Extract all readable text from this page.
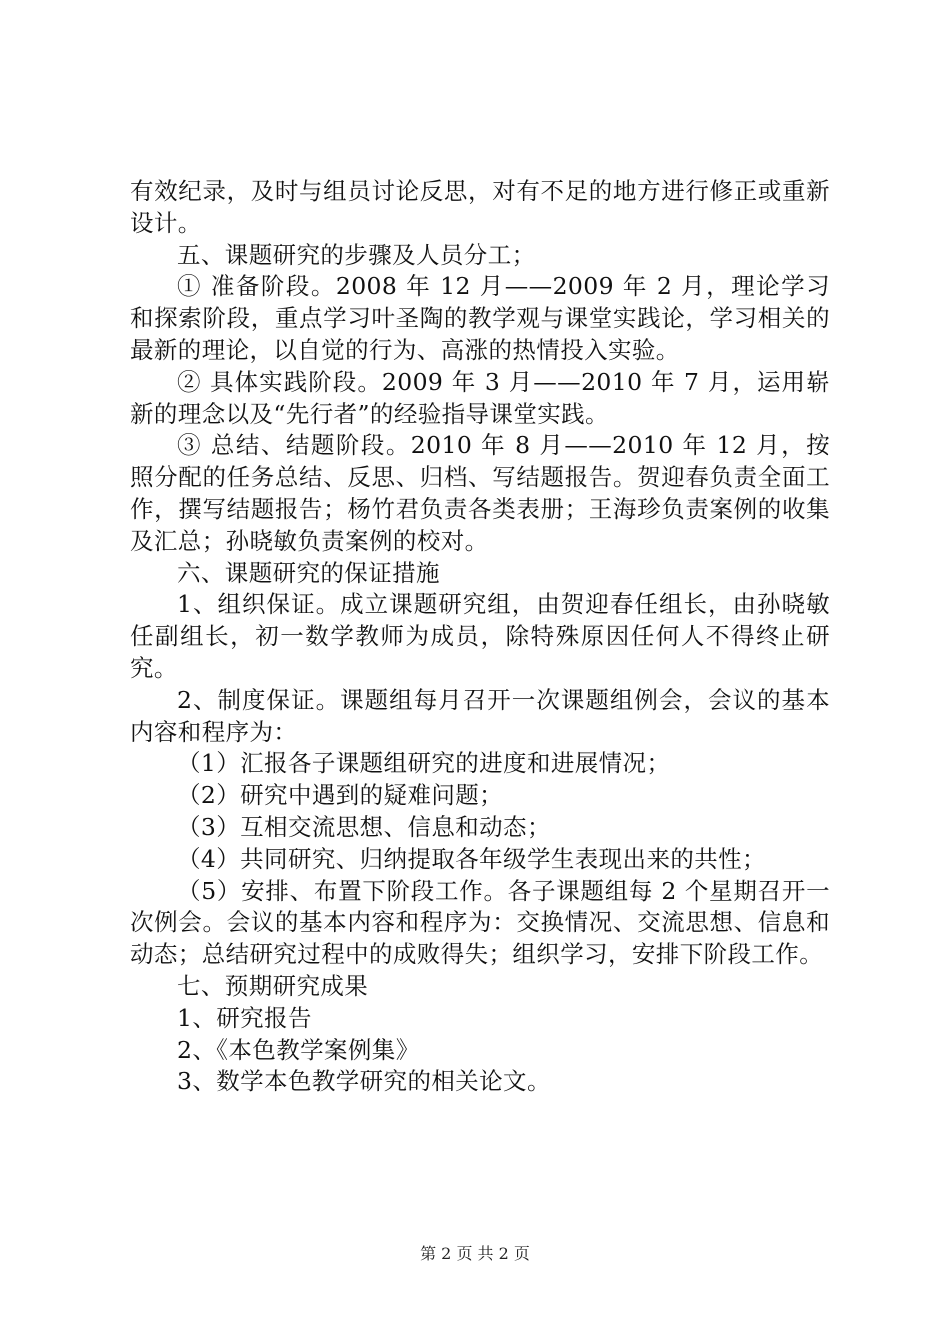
有效纪录，及时与组员讨论反思，对有不足的地方进行修正或重新设计。

五、课题研究的步骤及人员分工；

① 准备阶段。2008 年 12 月——2009 年 2 月，理论学习和探索阶段，重点学习叶圣陶的教学观与课堂实践论，学习相关的最新的理论，以自觉的行为、高涨的热情投入实验。

② 具体实践阶段。2009 年 3 月——2010 年 7 月，运用崭新的理念以及“先行者”的经验指导课堂实践。

③ 总结、结题阶段。2010 年 8 月——2010 年 12 月，按照分配的任务总结、反思、归档、写结题报告。贺迎春负责全面工作，撰写结题报告；杨竹君负责各类表册；王海珍负责案例的收集及汇总；孙晓敏负责案例的校对。

六、课题研究的保证措施

1、组织保证。成立课题研究组，由贺迎春任组长，由孙晓敏任副组长，初一数学教师为成员，除特殊原因任何人不得终止研究。

2、制度保证。课题组每月召开一次课题组例会，会议的基本内容和程序为：

（1）汇报各子课题组研究的进度和进展情况；

（2）研究中遇到的疑难问题；

（3）互相交流思想、信息和动态；

（4）共同研究、归纳提取各年级学生表现出来的共性；

（5）安排、布置下阶段工作。各子课题组每 2 个星期召开一次例会。会议的基本内容和程序为：交换情况、交流思想、信息和动态；总结研究过程中的成败得失；组织学习，安排下阶段工作。

七、预期研究成果

1、研究报告

2、《本色教学案例集》

3、数学本色教学研究的相关论文。

第 2 页 共 2 页
